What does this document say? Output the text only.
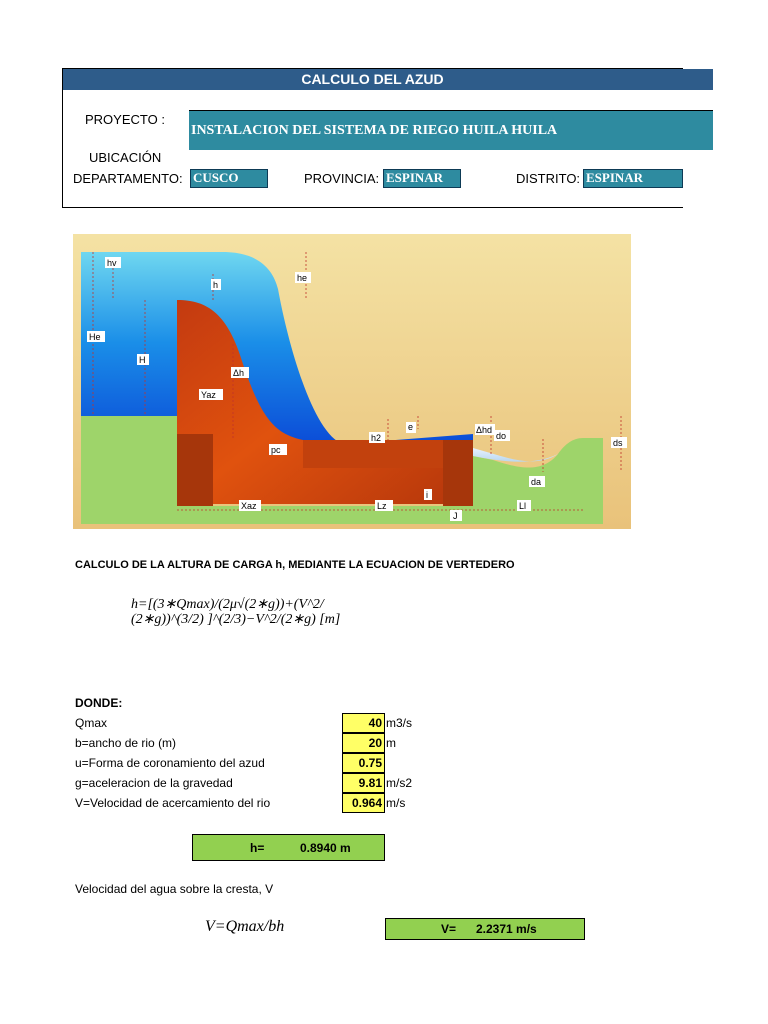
CALCULO DEL AZUD
PROYECTO :
INSTALACION DEL SISTEMA DE RIEGO HUILA HUILA
UBICACIÓN
DEPARTAMENTO: CUSCO	PROVINCIA: ESPINAR	DISTRITO: ESPINAR
hv
h
he
He
H
Δh
Yaz
pc
h2
e	Δhd
do
ds
da
i
Xaz	Lz
J
Ll
CALCULO DE LA ALTURA DE CARGA h, MEDIANTE LA ECUACION DE VERTEDERO
h=[(3∗Qmax)/(2μ√(2∗g))+(V^2/
(2∗g))^(3/2) ]^(2/3)−V^2/(2∗g) [m]
DONDE:
Qmax	40 m3/s
b=ancho de rio (m)	20 m
u=Forma de coronamiento del azud	0.75
g=aceleracion de la gravedad	9.81 m/s2
V=Velocidad de acercamiento del rio	0.964 m/s
h=	0.8940 m
Velocidad del agua sobre la cresta, V
V=Qmax/bh	V= 2.2371 m/s
